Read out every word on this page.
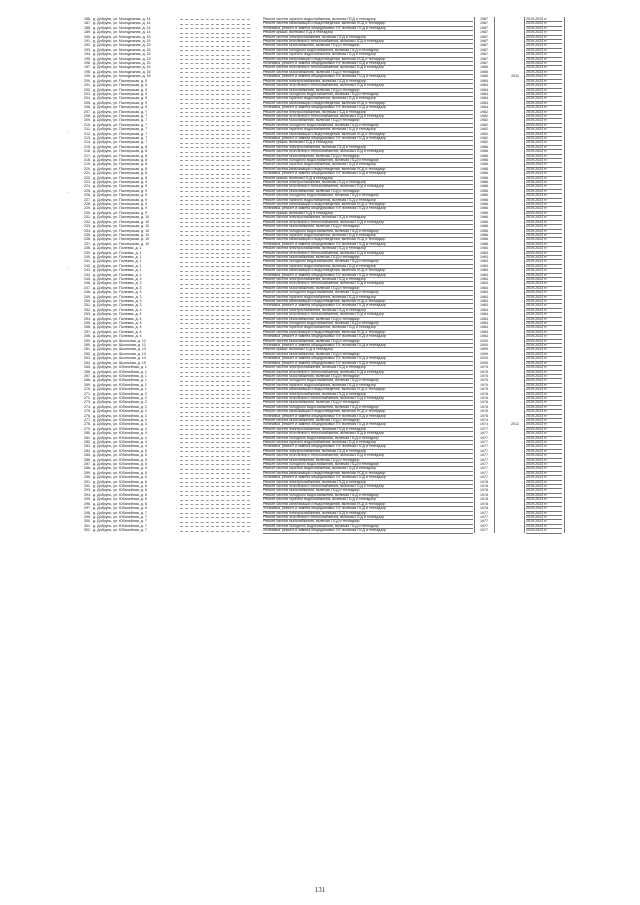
186. д. Добрунь, ул. Молодежная, д. 14	Ремонт систем горячего водоснабжения, включая ПСД и технадзор	1987	2019-2023 гг.
187. д. Добрунь, ул. Молодежная, д. 14	Ремонт систем канализации и водоотведения, включая ПСД и технадзор	1987	2019-2023 гг.
188. д. Добрунь, ул. Молодежная, д. 14	Установка, ремонт и замена общедомовых ПУ, включая ПСД и технадзор	1987	2019-2023 гг.
189. д. Добрунь, ул. Молодежная, д. 14	Ремонт крыши, включая ПСД и технадзор	1987	2019-2023 гг.
190. д. Добрунь, ул. Молодежная, д. 15	Ремонт систем электроснабжения, включая ПСД и технадзор	1987	2019-2023 гг.
191. д. Добрунь, ул. Молодежная, д. 15	Ремонт систем отопления и теплоснабжения, включая ПСД и технадзор	1987	2019-2023 гг.
192. д. Добрунь, ул. Молодежная, д. 15	Ремонт систем газоснабжения, включая ПСД и технадзор	1987	2019-2023 гг.
193. д. Добрунь, ул. Молодежная, д. 15	Ремонт систем холодного водоснабжения, включая ПСД и технадзор	1987	2019-2023 гг.
194. д. Добрунь, ул. Молодежная, д. 15	Ремонт систем горячего водоснабжения, включая ПСД и технадзор	1987	2019-2023 гг.
195. д. Добрунь, ул. Молодежная, д. 15	Ремонт систем канализации и водоотведения, включая ПСД и технадзор	1987	2019-2023 гг.
196. д. Добрунь, ул. Молодежная, д. 15	Установка, ремонт и замена общедомовых ПУ, включая ПСД и технадзор	1987	2019-2023 гг.
197. д. Добрунь, ул. Молодежная, д. 16	Ремонт систем отопления и теплоснабжения, включая ПСД и технадзор	1985	2019-2023 гг.
198. д. Добрунь, ул. Молодежная, д. 16	Ремонт систем газоснабжения, включая ПСД и технадзор	1985	2019-2023 гг.
199. д. Добрунь, ул. Молодежная, д. 16	Установка, ремонт и замена общедомовых ПУ, включая ПСД и технадзор	1985	2011	2019-2023 гг.
200. д. Добрунь, ул. Пионерская, д. 5	Ремонт систем электроснабжения, включая ПСД и технадзор	1984	2019-2023 гг.
201. д. Добрунь, ул. Пионерская, д. 5	Ремонт систем отопления и теплоснабжения, включая ПСД и технадзор	1984	2019-2023 гг.
202. д. Добрунь, ул. Пионерская, д. 5	Ремонт систем газоснабжения, включая ПСД и технадзор	1984	2019-2023 гг.
203. д. Добрунь, ул. Пионерская, д. 5	Ремонт систем холодного водоснабжения, включая ПСД и технадзор	1984	2019-2023 гг.
204. д. Добрунь, ул. Пионерская, д. 5	Ремонт систем горячего водоснабжения, включая ПСД и технадзор	1984	2019-2023 гг.
205. д. Добрунь, ул. Пионерская, д. 5	Ремонт систем канализации и водоотведения, включая ПСД и технадзор	1984	2019-2023 гг.
206. д. Добрунь, ул. Пионерская, д. 5	Установка, ремонт и замена общедомовых ПУ, включая ПСД и технадзор	1984	2019-2023 гг.
207. д. Добрунь, ул. Пионерская, д. 7	Ремонт систем электроснабжения, включая ПСД и технадзор	1982	2019-2023 гг.
208. д. Добрунь, ул. Пионерская, д. 7	Ремонт систем отопления и теплоснабжения, включая ПСД и технадзор	1982	2019-2023 гг.
209. д. Добрунь, ул. Пионерская, д. 7	Ремонт систем газоснабжения, включая ПСД и технадзор	1982	2019-2023 гг.
210. д. Добрунь, ул. Пионерская, д. 7	Ремонт систем холодного водоснабжения, включая ПСД и технадзор	1982	2019-2023 гг.
211. д. Добрунь, ул. Пионерская, д. 7	Ремонт систем горячего водоснабжения, включая ПСД и технадзор	1982	2019-2023 гг.
212. д. Добрунь, ул. Пионерская, д. 7	Ремонт систем канализации и водоотведения, включая ПСД и технадзор	1982	2019-2023 гг.
213. д. Добрунь, ул. Пионерская, д. 7	Установка, ремонт и замена общедомовых ПУ, включая ПСД и технадзор	1982	2019-2023 гг.
214. д. Добрунь, ул. Пионерская, д. 7	Ремонт крыши, включая ПСД и технадзор	1982	2019-2023 гг.
215. д. Добрунь, ул. Пионерская, д. 8	Ремонт систем электроснабжения, включая ПСД и технадзор	1986	2019-2023 гг.
216. д. Добрунь, ул. Пионерская, д. 8	Ремонт систем отопления и теплоснабжения, включая ПСД и технадзор	1986	2019-2023 гг.
217. д. Добрунь, ул. Пионерская, д. 8	Ремонт систем газоснабжения, включая ПСД и технадзор	1986	2019-2023 гг.
218. д. Добрунь, ул. Пионерская, д. 8	Ремонт систем холодного водоснабжения, включая ПСД и технадзор	1986	2019-2023 гг.
219. д. Добрунь, ул. Пионерская, д. 8	Ремонт систем горячего водоснабжения, включая ПСД и технадзор	1986	2019-2023 гг.
220. д. Добрунь, ул. Пионерская, д. 8	Ремонт систем канализации и водоотведения, включая ПСД и технадзор	1986	2019-2023 гг.
221. д. Добрунь, ул. Пионерская, д. 8	Установка, ремонт и замена общедомовых ПУ, включая ПСД и технадзор	1986	2019-2023 гг.
222. д. Добрунь, ул. Пионерская, д. 8	Ремонт крыши, включая ПСД и технадзор	1986	2019-2023 гг.
223. д. Добрунь, ул. Пионерская, д. 9	Ремонт систем электроснабжения, включая ПСД и технадзор	1986	2019-2023 гг.
224. д. Добрунь, ул. Пионерская, д. 9	Ремонт систем отопления и теплоснабжения, включая ПСД и технадзор	1986	2019-2023 гг.
225. д. Добрунь, ул. Пионерская, д. 9	Ремонт систем газоснабжения, включая ПСД и технадзор	1986	2019-2023 гг.
226. д. Добрунь, ул. Пионерская, д. 9	Ремонт систем холодного водоснабжения, включая ПСД и технадзор	1986	2019-2023 гг.
227. д. Добрунь, ул. Пионерская, д. 9	Ремонт систем горячего водоснабжения, включая ПСД и технадзор	1986	2019-2023 гг.
228. д. Добрунь, ул. Пионерская, д. 9	Ремонт систем канализации и водоотведения, включая ПСД и технадзор	1986	2019-2023 гг.
229. д. Добрунь, ул. Пионерская, д. 9	Установка, ремонт и замена общедомовых ПУ, включая ПСД и технадзор	1986	2019-2023 гг.
230. д. Добрунь, ул. Пионерская, д. 9	Ремонт крыши, включая ПСД и технадзор	1986	2019-2023 гг.
231. д. Добрунь, ул. Пионерская, д. 10	Ремонт систем электроснабжения, включая ПСД и технадзор	1986	2019-2023 гг.
232. д. Добрунь, ул. Пионерская, д. 10	Ремонт систем отопления и теплоснабжения, включая ПСД и технадзор	1986	2019-2023 гг.
233. д. Добрунь, ул. Пионерская, д. 10	Ремонт систем газоснабжения, включая ПСД и технадзор	1986	2019-2023 гг.
234. д. Добрунь, ул. Пионерская, д. 10	Ремонт систем холодного водоснабжения, включая ПСД и технадзор	1986	2019-2023 гг.
235. д. Добрунь, ул. Пионерская, д. 10	Ремонт систем горячего водоснабжения, включая ПСД и технадзор	1986	2019-2023 гг.
236. д. Добрунь, ул. Пионерская, д. 10	Ремонт систем канализации и водоотведения, включая ПСД и технадзор	1986	2019-2023 гг.
237. д. Добрунь, ул. Пионерская, д. 10	Установка, ремонт и замена общедомовых ПУ, включая ПСД и технадзор	1986	2019-2023 гг.
238. д. Добрунь, ул. Полевая, д. 1	Ремонт систем электроснабжения, включая ПСД и технадзор	1983	2019-2023 гг.
239. д. Добрунь, ул. Полевая, д. 1	Ремонт систем отопления и теплоснабжения, включая ПСД и технадзор	1983	2019-2023 гг.
240. д. Добрунь, ул. Полевая, д. 1	Ремонт систем газоснабжения, включая ПСД и технадзор	1983	2019-2023 гг.
241. д. Добрунь, ул. Полевая, д. 1	Ремонт систем холодного водоснабжения, включая ПСД и технадзор	1983	2019-2023 гг.
242. д. Добрунь, ул. Полевая, д. 1	Ремонт систем горячего водоснабжения, включая ПСД и технадзор	1983	2019-2023 гг.
243. д. Добрунь, ул. Полевая, д. 1	Ремонт систем канализации и водоотведения, включая ПСД и технадзор	1983	2019-2023 гг.
244. д. Добрунь, ул. Полевая, д. 1	Установка, ремонт и замена общедомовых ПУ, включая ПСД и технадзор	1983	2019-2023 гг.
245. д. Добрунь, ул. Полевая, д. 3	Ремонт систем электроснабжения, включая ПСД и технадзор	1983	2019-2023 гг.
246. д. Добрунь, ул. Полевая, д. 3	Ремонт систем отопления и теплоснабжения, включая ПСД и технадзор	1983	2019-2023 гг.
247. д. Добрунь, ул. Полевая, д. 3	Ремонт систем газоснабжения, включая ПСД и технадзор	1983	2019-2023 гг.
248. д. Добрунь, ул. Полевая, д. 3	Ремонт систем холодного водоснабжения, включая ПСД и технадзор	1983	2019-2023 гг.
249. д. Добрунь, ул. Полевая, д. 3	Ремонт систем горячего водоснабжения, включая ПСД и технадзор	1983	2019-2023 гг.
250. д. Добрунь, ул. Полевая, д. 3	Ремонт систем канализации и водоотведения, включая ПСД и технадзор	1983	2019-2023 гг.
251. д. Добрунь, ул. Полевая, д. 3	Установка, ремонт и замена общедомовых ПУ, включая ПСД и технадзор	1983	2019-2023 гг.
252. д. Добрунь, ул. Полевая, д. 4	Ремонт систем электроснабжения, включая ПСД и технадзор	1984	2019-2023 гг.
253. д. Добрунь, ул. Полевая, д. 4	Ремонт систем отопления и теплоснабжения, включая ПСД и технадзор	1984	2019-2023 гг.
254. д. Добрунь, ул. Полевая, д. 4	Ремонт систем газоснабжения, включая ПСД и технадзор	1984	2019-2023 гг.
255. д. Добрунь, ул. Полевая, д. 4	Ремонт систем холодного водоснабжения, включая ПСД и технадзор	1984	2019-2023 гг.
256. д. Добрунь, ул. Полевая, д. 4	Ремонт систем горячего водоснабжения, включая ПСД и технадзор	1984	2019-2023 гг.
257. д. Добрунь, ул. Полевая, д. 4	Ремонт систем канализации и водоотведения, включая ПСД и технадзор	1984	2019-2023 гг.
258. д. Добрунь, ул. Полевая, д. 4	Установка, ремонт и замена общедомовых ПУ, включая ПСД и технадзор	1984	2019-2023 гг.
259. д. Добрунь, ул. Школьная, д. 12	Ремонт систем газоснабжения, включая ПСД и технадзор	2000	2019-2023 гг.
260. д. Добрунь, ул. Школьная, д. 12	Установка, ремонт и замена общедомовых ПУ, включая ПСД и технадзор	2000	2019-2023 гг.
261. д. Добрунь, ул. Школьная, д. 13	Ремонт крыши, включая ПСД и технадзор	1999	2019-2023 гг.
262. д. Добрунь, ул. Школьная, д. 13	Ремонт систем газоснабжения, включая ПСД и технадзор	1999	2019-2023 гг.
263. д. Добрунь, ул. Школьная, д. 14	Установка, ремонт и замена общедомовых ПУ, включая ПСД и технадзор	2000	2019-2023 гг.
264. д. Добрунь, ул. Школьная, д. 15	Установка, ремонт и замена общедомовых ПУ, включая ПСД и технадзор	2005	2019-2023 гг.
265. д. Добрунь, ул. Юбилейная, д. 1	Ремонт систем электроснабжения, включая ПСД и технадзор	1975	2019-2023 гг.
266. д. Добрунь, ул. Юбилейная, д. 1	Ремонт систем отопления и теплоснабжения, включая ПСД и технадзор	1975	2019-2023 гг.
267. д. Добрунь, ул. Юбилейная, д. 1	Ремонт систем газоснабжения, включая ПСД и технадзор	1975	2019-2023 гг.
268. д. Добрунь, ул. Юбилейная, д. 1	Ремонт систем холодного водоснабжения, включая ПСД и технадзор	1975	2019-2023 гг.
269. д. Добрунь, ул. Юбилейная, д. 1	Ремонт систем горячего водоснабжения, включая ПСД и технадзор	1975	2019-2023 гг.
270. д. Добрунь, ул. Юбилейная, д. 1	Ремонт систем канализации и водоотведения, включая ПСД и технадзор	1975	2019-2023 гг.
271. д. Добрунь, ул. Юбилейная, д. 2	Ремонт систем электроснабжения, включая ПСД и технадзор	1976	2019-2023 гг.
272. д. Добрунь, ул. Юбилейная, д. 2	Ремонт систем отопления и теплоснабжения, включая ПСД и технадзор	1976	2019-2023 гг.
273. д. Добрунь, ул. Юбилейная, д. 2	Ремонт систем газоснабжения, включая ПСД и технадзор	1976	2019-2023 гг.
274. д. Добрунь, ул. Юбилейная, д. 2	Ремонт систем холодного водоснабжения, включая ПСД и технадзор	1976	2019-2023 гг.
275. д. Добрунь, ул. Юбилейная, д. 2	Ремонт систем канализации и водоотведения, включая ПСД и технадзор	1976	2019-2023 гг.
276. д. Добрунь, ул. Юбилейная, д. 2	Установка, ремонт и замена общедомовых ПУ, включая ПСД и технадзор	1976	2019-2023 гг.
277. д. Добрунь, ул. Юбилейная, д. 3	Ремонт систем газоснабжения, включая ПСД и технадзор	1974	2019-2023 гг.
278. д. Добрунь, ул. Юбилейная, д. 3	Установка, ремонт и замена общедомовых ПУ, включая ПСД и технадзор	1974	2012	2019-2023 гг.
279. д. Добрунь, ул. Юбилейная, д. 4	Ремонт систем электроснабжения, включая ПСД и технадзор	1977	2019-2023 гг.
280. д. Добрунь, ул. Юбилейная, д. 4	Ремонт систем отопления и теплоснабжения, включая ПСД и технадзор	1977	2019-2023 гг.
281. д. Добрунь, ул. Юбилейная, д. 4	Ремонт систем холодного водоснабжения, включая ПСД и технадзор	1977	2019-2023 гг.
282. д. Добрунь, ул. Юбилейная, д. 4	Ремонт систем горячего водоснабжения, включая ПСД и технадзор	1977	2019-2023 гг.
283. д. Добрунь, ул. Юбилейная, д. 4	Установка, ремонт и замена общедомовых ПУ, включая ПСД и технадзор	1977	2019-2023 гг.
284. д. Добрунь, ул. Юбилейная, д. 5	Ремонт систем электроснабжения, включая ПСД и технадзор	1977	2019-2023 гг.
285. д. Добрунь, ул. Юбилейная, д. 5	Ремонт систем отопления и теплоснабжения, включая ПСД и технадзор	1977	2019-2023 гг.
286. д. Добрунь, ул. Юбилейная, д. 5	Ремонт систем газоснабжения, включая ПСД и технадзор	1977	2019-2023 гг.
287. д. Добрунь, ул. Юбилейная, д. 5	Ремонт систем холодного водоснабжения, включая ПСД и технадзор	1977	2019-2023 гг.
288. д. Добрунь, ул. Юбилейная, д. 5	Ремонт систем горячего водоснабжения, включая ПСД и технадзор	1977	2019-2023 гг.
289. д. Добрунь, ул. Юбилейная, д. 5	Ремонт систем канализации и водоотведения, включая ПСД и технадзор	1977	2019-2023 гг.
290. д. Добрунь, ул. Юбилейная, д. 5	Установка, ремонт и замена общедомовых ПУ, включая ПСД и технадзор	1977	2019-2023 гг.
291. д. Добрунь, ул. Юбилейная, д. 6	Ремонт систем электроснабжения, включая ПСД и технадзор	1978	2019-2023 гг.
292. д. Добрунь, ул. Юбилейная, д. 6	Ремонт систем отопления и теплоснабжения, включая ПСД и технадзор	1978	2019-2023 гг.
293. д. Добрунь, ул. Юбилейная, д. 6	Ремонт систем газоснабжения, включая ПСД и технадзор	1978	2019-2023 гг.
294. д. Добрунь, ул. Юбилейная, д. 6	Ремонт систем холодного водоснабжения, включая ПСД и технадзор	1978	2019-2023 гг.
295. д. Добрунь, ул. Юбилейная, д. 6	Ремонт систем горячего водоснабжения, включая ПСД и технадзор	1978	2019-2023 гг.
296. д. Добрунь, ул. Юбилейная, д. 6	Ремонт систем канализации и водоотведения, включая ПСД и технадзор	1978	2019-2023 гг.
297. д. Добрунь, ул. Юбилейная, д. 6	Установка, ремонт и замена общедомовых ПУ, включая ПСД и технадзор	1978	2019-2023 гг.
298. д. Добрунь, ул. Юбилейная, д. 7	Ремонт систем электроснабжения, включая ПСД и технадзор	1977	2019-2023 гг.
299. д. Добрунь, ул. Юбилейная, д. 7	Ремонт систем отопления и теплоснабжения, включая ПСД и технадзор	1977	2019-2023 гг.
300. д. Добрунь, ул. Юбилейная, д. 7	Ремонт систем газоснабжения, включая ПСД и технадзор	1977	2019-2023 гг.
301. д. Добрунь, ул. Юбилейная, д. 7	Ремонт систем холодного водоснабжения, включая ПСД и технадзор	1977	2019-2023 гг.
302. д. Добрунь, ул. Юбилейная, д. 7	Установка, ремонт и замена общедомовых ПУ, включая ПСД и технадзор	1977	2019-2023 гг.
·
·
·
131
